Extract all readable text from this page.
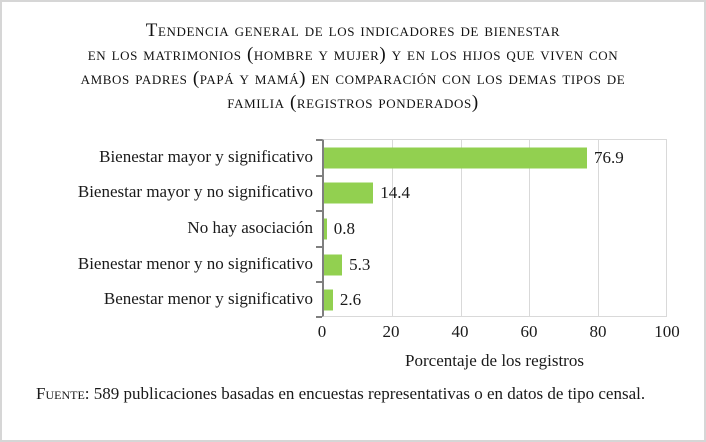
Tendencia general de los indicadores de bienestar
en los matrimonios (hombre y mujer) y en los hijos que viven con
ambos padres (papá y mamá) en comparación con los demas tipos de
familia (registros ponderados)
Bienestar mayor y significativo
Bienestar mayor y no significativo
No hay asociación
Bienestar menor y no significativo
Benestar menor y significativo
76.9
14.4
0.8
5.3
2.6
0	20	40	60	80	100
Porcentaje de los registros
Fuente: 589 publicaciones basadas en encuestas representativas o en datos de tipo censal.
